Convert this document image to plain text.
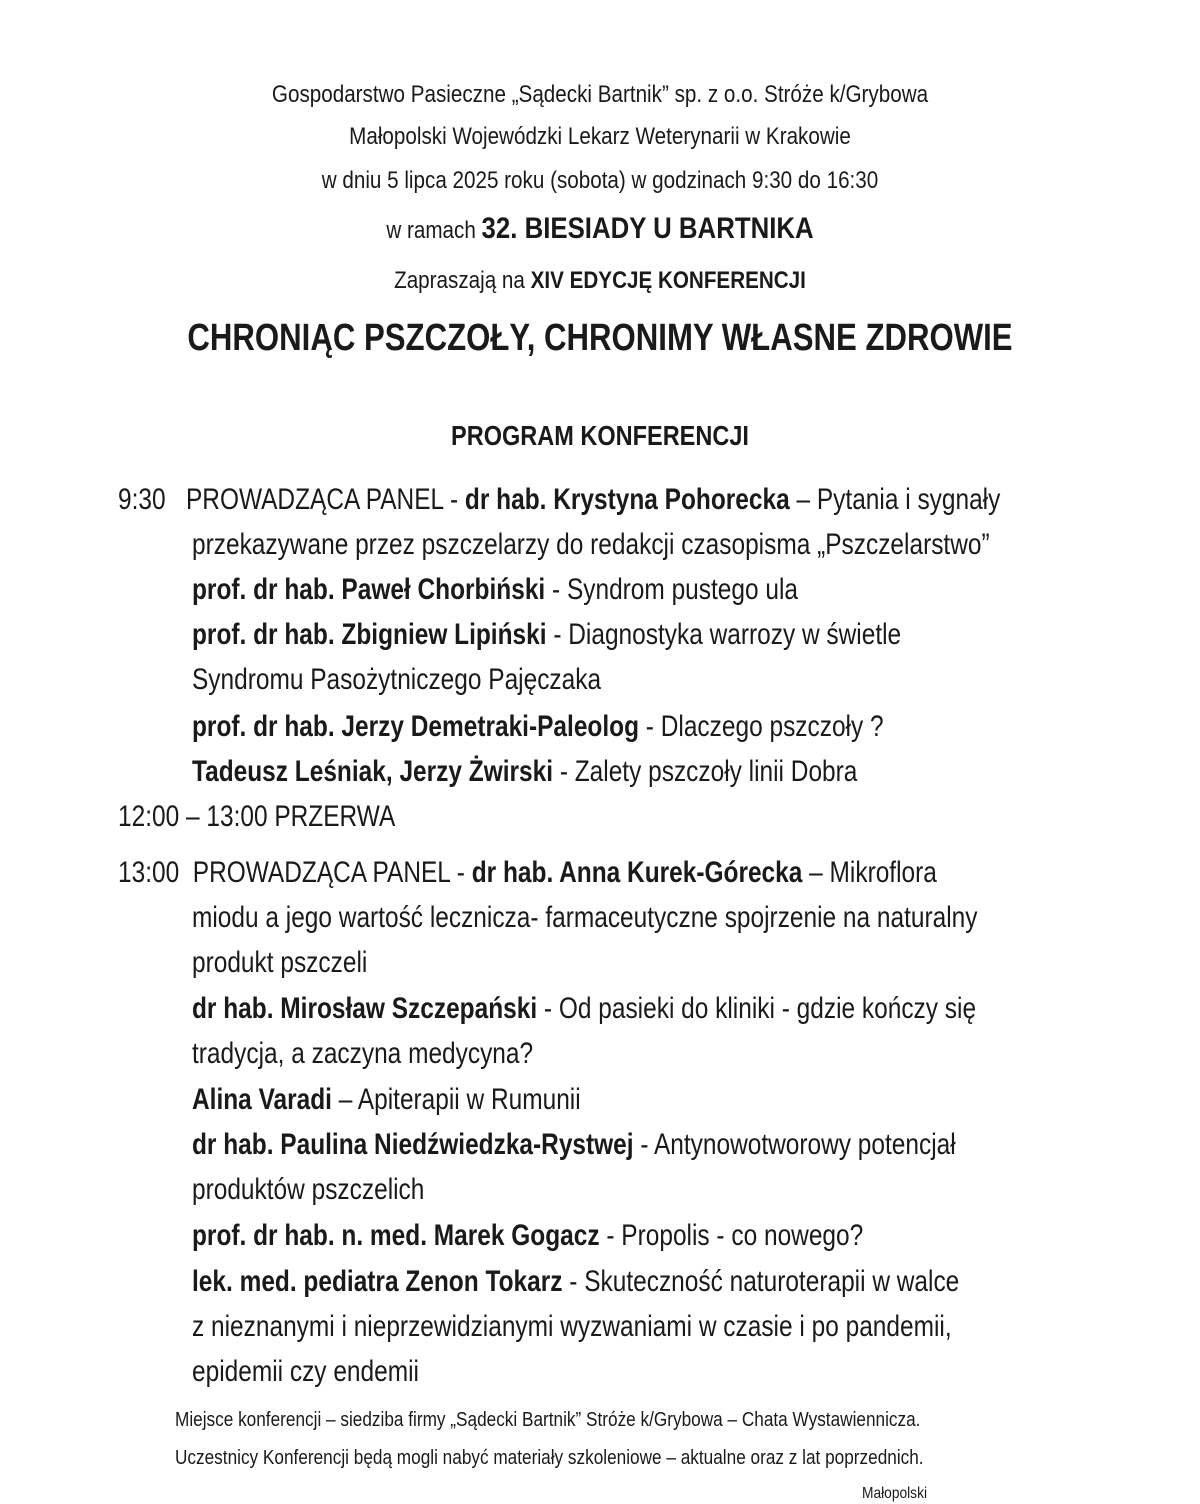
Gospodarstwo Pasieczne „Sądecki Bartnik” sp. z o.o. Stróże k/Grybowa
Małopolski Wojewódzki Lekarz Weterynarii w Krakowie
w dniu 5 lipca 2025 roku (sobota) w godzinach 9:30 do 16:30
w ramach 32. BIESIADY U BARTNIKA
Zapraszają na XIV EDYCJĘ KONFERENCJI
CHRONIĄC PSZCZOŁY, CHRONIMY WŁASNE ZDROWIE
PROGRAM KONFERENCJI
9:30 PROWADZĄCA PANEL - dr hab. Krystyna Pohorecka – Pytania i sygnały
przekazywane przez pszczelarzy do redakcji czasopisma „Pszczelarstwo”
prof. dr hab. Paweł Chorbiński - Syndrom pustego ula
prof. dr hab. Zbigniew Lipiński - Diagnostyka warrozy w świetle
Syndromu Pasożytniczego Pajęczaka
prof. dr hab. Jerzy Demetraki-Paleolog - Dlaczego pszczoły ?
Tadeusz Leśniak, Jerzy Żwirski - Zalety pszczoły linii Dobra
12:00 – 13:00 PRZERWA
13:00 PROWADZĄCA PANEL - dr hab. Anna Kurek-Górecka – Mikroflora
miodu a jego wartość lecznicza- farmaceutyczne spojrzenie na naturalny
produkt pszczeli
dr hab. Mirosław Szczepański - Od pasieki do kliniki - gdzie kończy się
tradycja, a zaczyna medycyna?
Alina Varadi – Apiterapii w Rumunii
dr hab. Paulina Niedźwiedzka-Rystwej - Antynowotworowy potencjał
produktów pszczelich
prof. dr hab. n. med. Marek Gogacz - Propolis - co nowego?
lek. med. pediatra Zenon Tokarz - Skuteczność naturoterapii w walce
z nieznanymi i nieprzewidzianymi wyzwaniami w czasie i po pandemii,
epidemii czy endemii
Miejsce konferencji – siedziba firmy „Sądecki Bartnik” Stróże k/Grybowa – Chata Wystawiennicza.
Uczestnicy Konferencji będą mogli nabyć materiały szkoleniowe – aktualne oraz z lat poprzednich.
Małopolski
